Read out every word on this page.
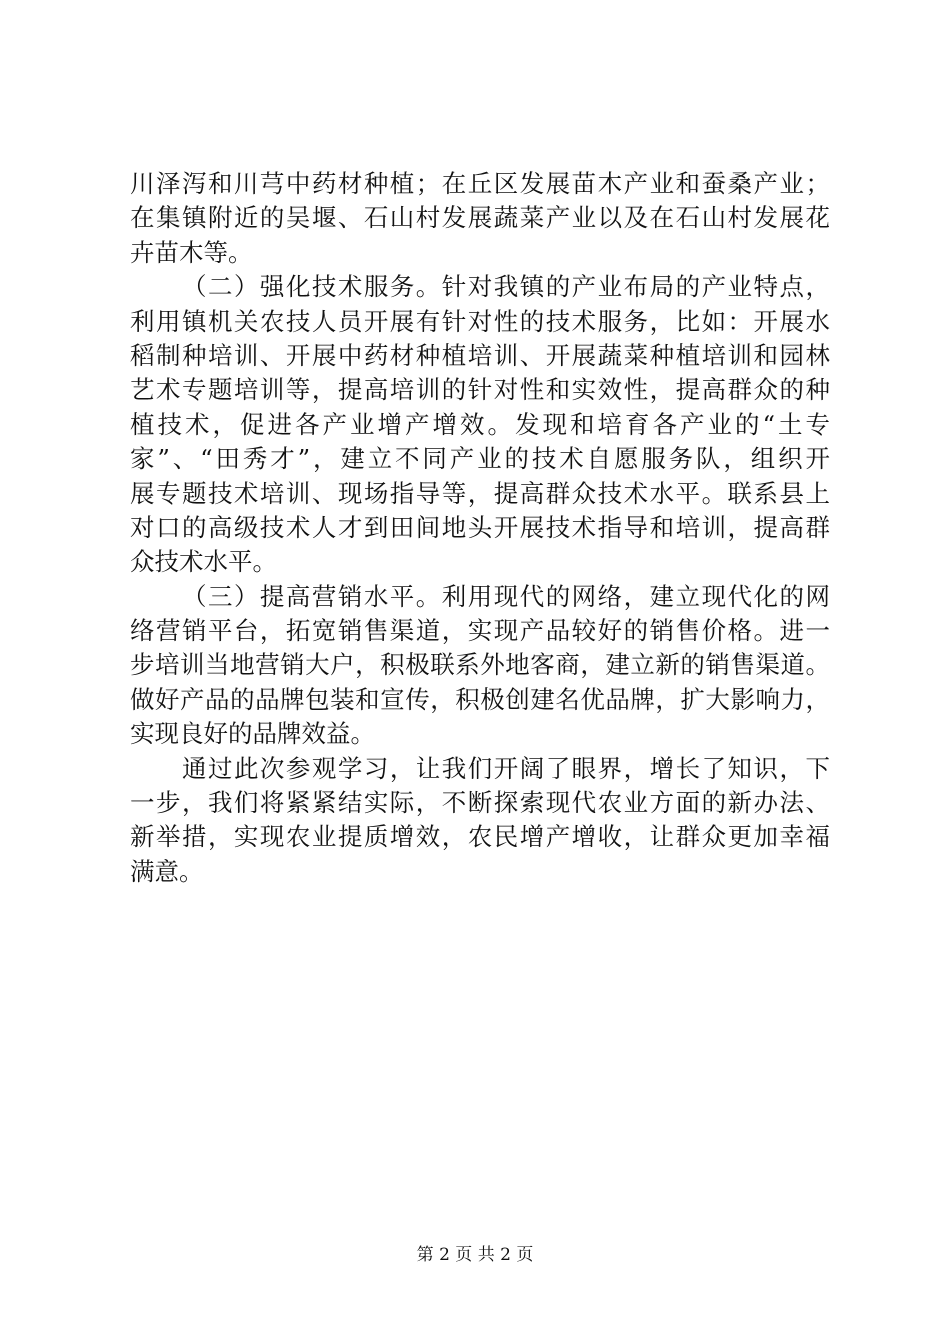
川泽泻和川芎中药材种植；在丘区发展苗木产业和蚕桑产业；
在集镇附近的吴堰、石山村发展蔬菜产业以及在石山村发展花
卉苗木等。
（二）强化技术服务。针对我镇的产业布局的产业特点，
利用镇机关农技人员开展有针对性的技术服务，比如：开展水
稻制种培训、开展中药材种植培训、开展蔬菜种植培训和园林
艺术专题培训等，提高培训的针对性和实效性，提高群众的种
植技术，促进各产业增产增效。发现和培育各产业的“土专
家”、“田秀才”，建立不同产业的技术自愿服务队，组织开
展专题技术培训、现场指导等，提高群众技术水平。联系县上
对口的高级技术人才到田间地头开展技术指导和培训，提高群
众技术水平。
（三）提高营销水平。利用现代的网络，建立现代化的网
络营销平台，拓宽销售渠道，实现产品较好的销售价格。进一
步培训当地营销大户，积极联系外地客商，建立新的销售渠道。
做好产品的品牌包装和宣传，积极创建名优品牌，扩大影响力，
实现良好的品牌效益。
通过此次参观学习，让我们开阔了眼界，增长了知识，下
一步，我们将紧紧结实际，不断探索现代农业方面的新办法、
新举措，实现农业提质增效，农民增产增收，让群众更加幸福
满意。
第 2 页 共 2 页
